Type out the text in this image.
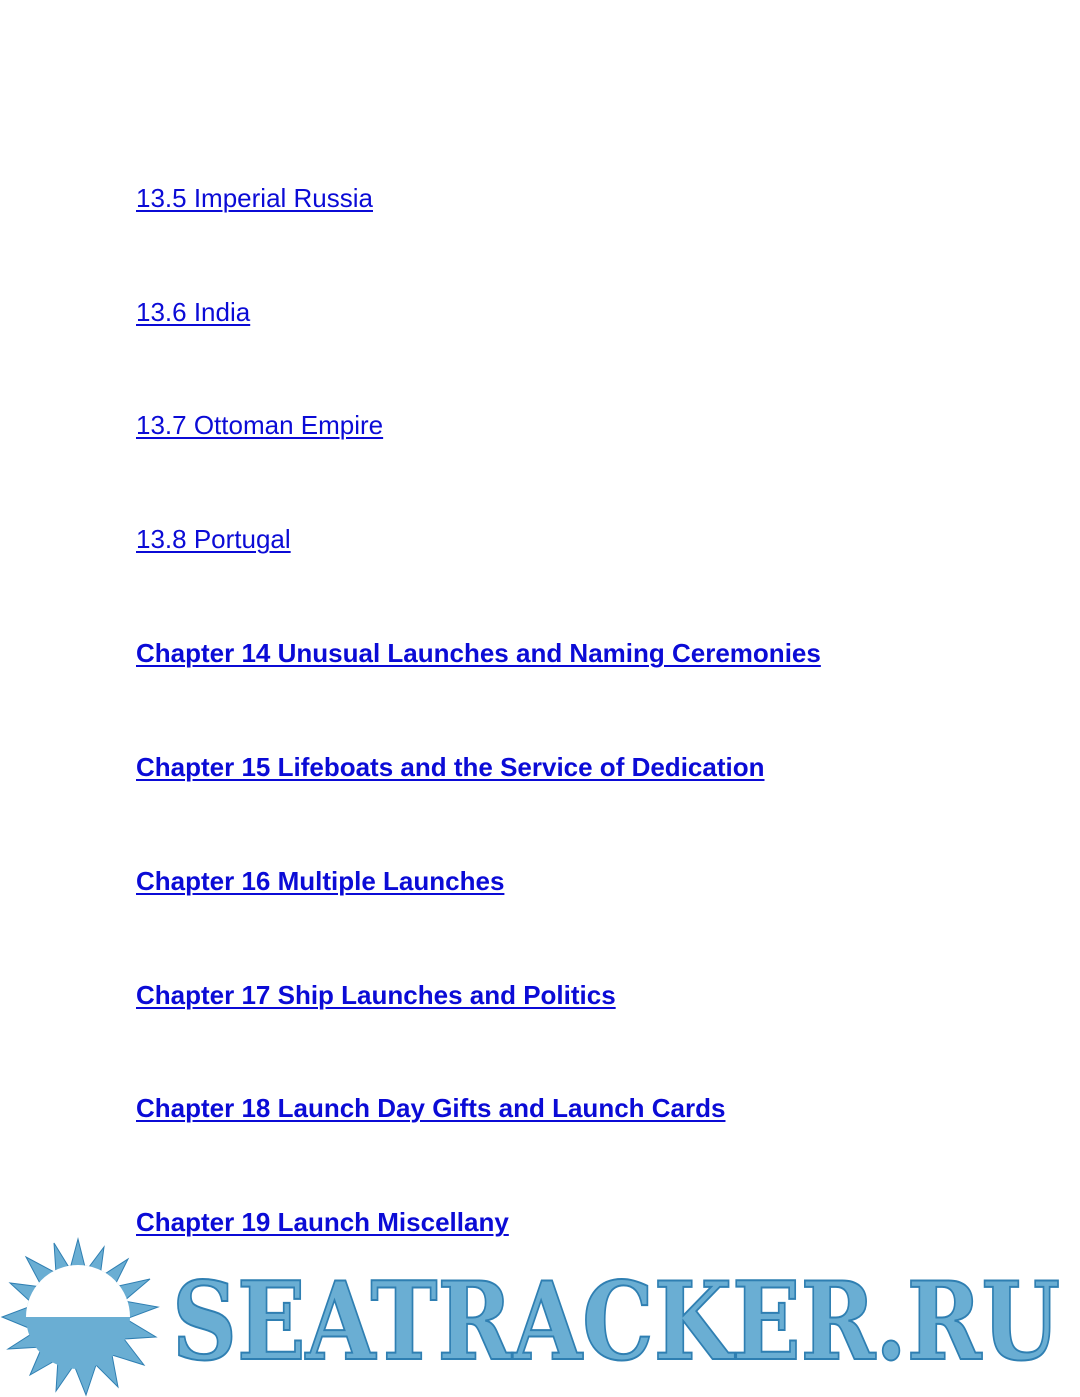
13.5 Imperial Russia
13.6 India
13.7 Ottoman Empire
13.8 Portugal
Chapter 14 Unusual Launches and Naming Ceremonies
Chapter 15 Lifeboats and the Service of Dedication
Chapter 16 Multiple Launches
Chapter 17 Ship Launches and Politics
Chapter 18 Launch Day Gifts and Launch Cards
Chapter 19 Launch Miscellany
SEATRACKER.RU
